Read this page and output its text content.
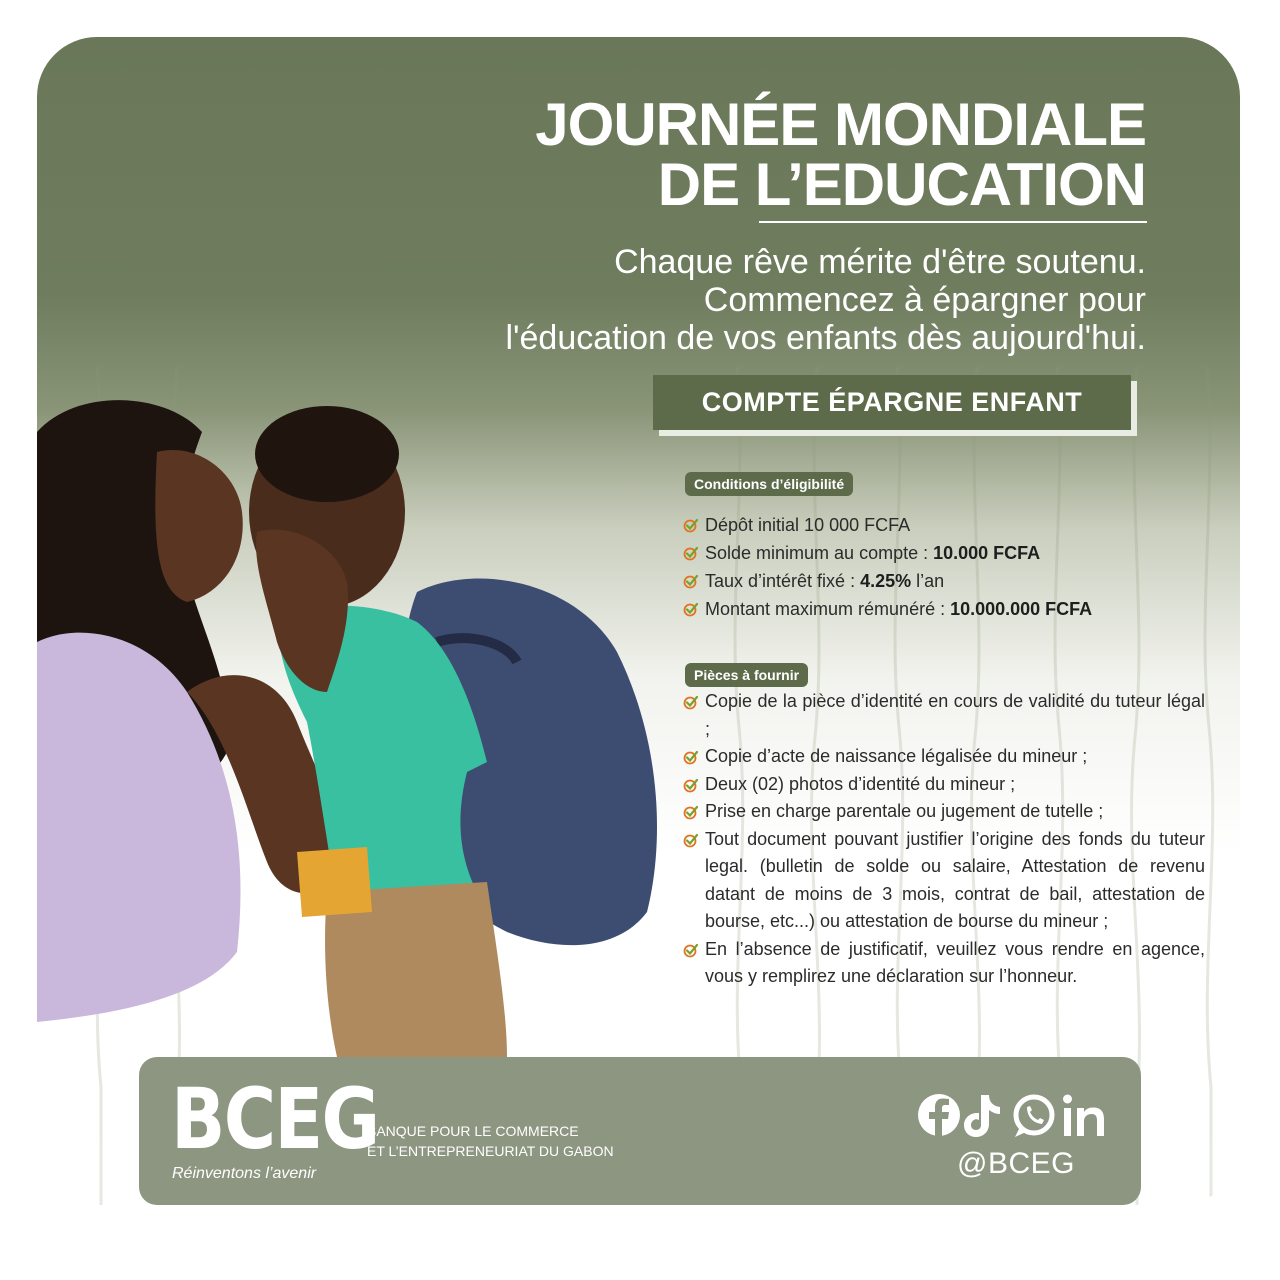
JOURNÉE MONDIALE
DE L’EDUCATION
Chaque rêve mérite d'être soutenu.
Commencez à épargner pour
l'éducation de vos enfants dès aujourd'hui.
COMPTE ÉPARGNE ENFANT
Conditions d’éligibilité
Dépôt initial 10 000 FCFA
Solde minimum au compte : 10.000 FCFA
Taux d’intérêt fixé : 4.25% l’an
Montant maximum rémunéré : 10.000.000 FCFA
Pièces à fournir
Copie de la pièce d’identité en cours de validité du tuteur légal ;
Copie d’acte de naissance légalisée du mineur ;
Deux (02) photos d’identité du mineur ;
Prise en charge parentale ou jugement de tutelle ;
Tout document pouvant justifier l’origine des fonds du tuteur legal. (bulletin de solde ou salaire, Attestation de revenu datant de moins de 3 mois, contrat de bail, attestation de bourse, etc...) ou attestation de bourse du mineur ;
En l’absence de justificatif, veuillez vous rendre en agence, vous y remplirez une déclaration sur l’honneur.
BCEG
Réinventons l’avenir
BANQUE POUR LE COMMERCE
ET L’ENTREPRENEURIAT DU GABON	@BCEG
